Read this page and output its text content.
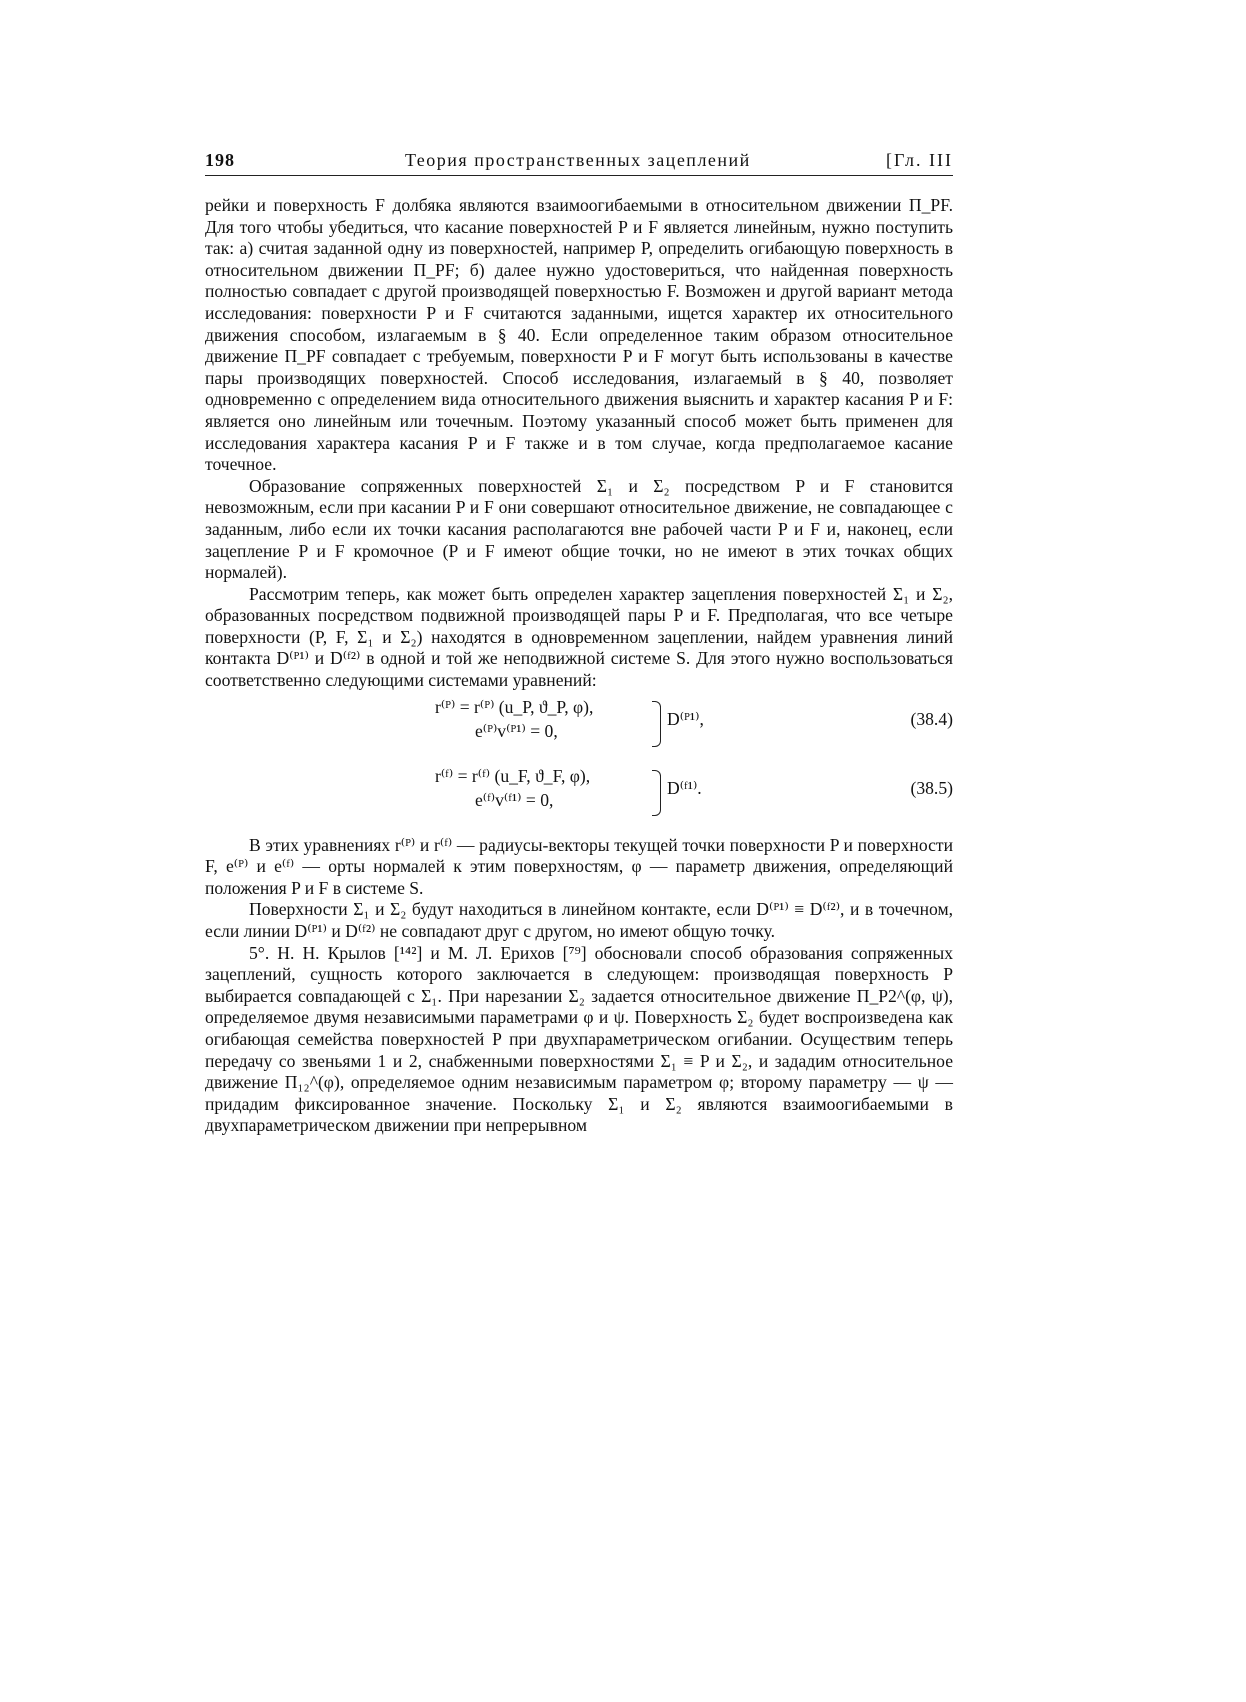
198	Теория пространственных зацеплений	[Гл. III

рейки и поверхность F долбяка являются взаимоогибаемыми в относительном движении Π_PF. Для того чтобы убедиться, что касание поверхностей P и F является линейным, нужно поступить так: а) считая заданной одну из поверхностей, например P, определить огибающую поверхность в относительном движении Π_PF; б) далее нужно удостовериться, что найденная поверхность полностью совпадает с другой производящей поверхностью F. Возможен и другой вариант метода исследования: поверхности P и F считаются заданными, ищется характер их относительного движения способом, излагаемым в § 40. Если определенное таким образом относительное движение Π_PF совпадает с требуемым, поверхности P и F могут быть использованы в качестве пары производящих поверхностей. Способ исследования, излагаемый в § 40, позволяет одновременно с определением вида относительного движения выяснить и характер касания P и F: является оно линейным или точечным. Поэтому указанный способ может быть применен для исследования характера касания P и F также и в том случае, когда предполагаемое касание точечное.

Образование сопряженных поверхностей Σ₁ и Σ₂ посредством P и F становится невозможным, если при касании P и F они совершают относительное движение, не совпадающее с заданным, либо если их точки касания располагаются вне рабочей части P и F и, наконец, если зацепление P и F кромочное (P и F имеют общие точки, но не имеют в этих точках общих нормалей).

Рассмотрим теперь, как может быть определен характер зацепления поверхностей Σ₁ и Σ₂, образованных посредством подвижной производящей пары P и F. Предполагая, что все четыре поверхности (P, F, Σ₁ и Σ₂) находятся в одновременном зацеплении, найдем уравнения линий контакта D⁽ᴾ¹⁾ и D⁽ᶠ²⁾ в одной и той же неподвижной системе S. Для этого нужно воспользоваться соответственно следующими системами уравнений:

r⁽ᴾ⁾ = r⁽ᴾ⁾ (u_P, ϑ_P, φ),
e⁽ᴾ⁾v⁽ᴾ¹⁾ = 0,
D⁽ᴾ¹⁾,	(38.4)
r⁽ᶠ⁾ = r⁽ᶠ⁾ (u_F, ϑ_F, φ),
e⁽ᶠ⁾v⁽ᶠ¹⁾ = 0,
D⁽ᶠ¹⁾.	(38.5)

В этих уравнениях r⁽ᴾ⁾ и r⁽ᶠ⁾ — радиусы-векторы текущей точки поверхности P и поверхности F, e⁽ᴾ⁾ и e⁽ᶠ⁾ — орты нормалей к этим поверхностям, φ — параметр движения, определяющий положения P и F в системе S.

Поверхности Σ₁ и Σ₂ будут находиться в линейном контакте, если D⁽ᴾ¹⁾ ≡ D⁽ᶠ²⁾, и в точечном, если линии D⁽ᴾ¹⁾ и D⁽ᶠ²⁾ не совпадают друг с другом, но имеют общую точку.

5°. Н. Н. Крылов [¹⁴²] и М. Л. Ерихов [⁷⁹] обосновали способ образования сопряженных зацеплений, сущность которого заключается в следующем: производящая поверхность P выбирается совпадающей с Σ₁. При нарезании Σ₂ задается относительное движение Π_P2^(φ, ψ), определяемое двумя независимыми параметрами φ и ψ. Поверхность Σ₂ будет воспроизведена как огибающая семейства поверхностей P при двухпараметрическом огибании. Осуществим теперь передачу со звеньями 1 и 2, снабженными поверхностями Σ₁ ≡ P и Σ₂, и зададим относительное движение Π₁₂^(φ), определяемое одним независимым параметром φ; второму параметру — ψ — придадим фиксированное значение. Поскольку Σ₁ и Σ₂ являются взаимоогибаемыми в двухпараметрическом движении при непрерывном
